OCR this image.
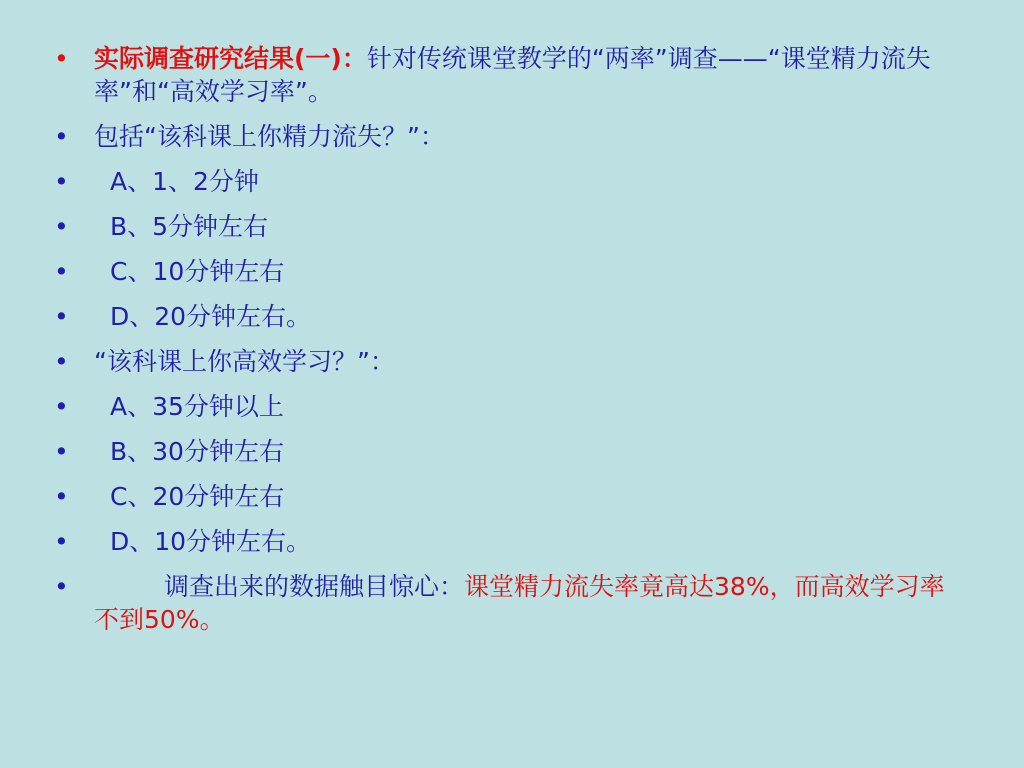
• 实际调查研究结果(一)：针对传统课堂教学的“两率”调查——“课堂精力流失率”和“高效学习率”。
• 包括“该科课上你精力流失？”：
• A、1、2分钟
• B、5分钟左右
• C、10分钟左右
• D、20分钟左右。
• “该科课上你高效学习？”：
• A、35分钟以上
• B、30分钟左右
• C、20分钟左右
• D、10分钟左右。
•	调查出来的数据触目惊心：课堂精力流失率竟高达38%，而高效学习率不到50%。
